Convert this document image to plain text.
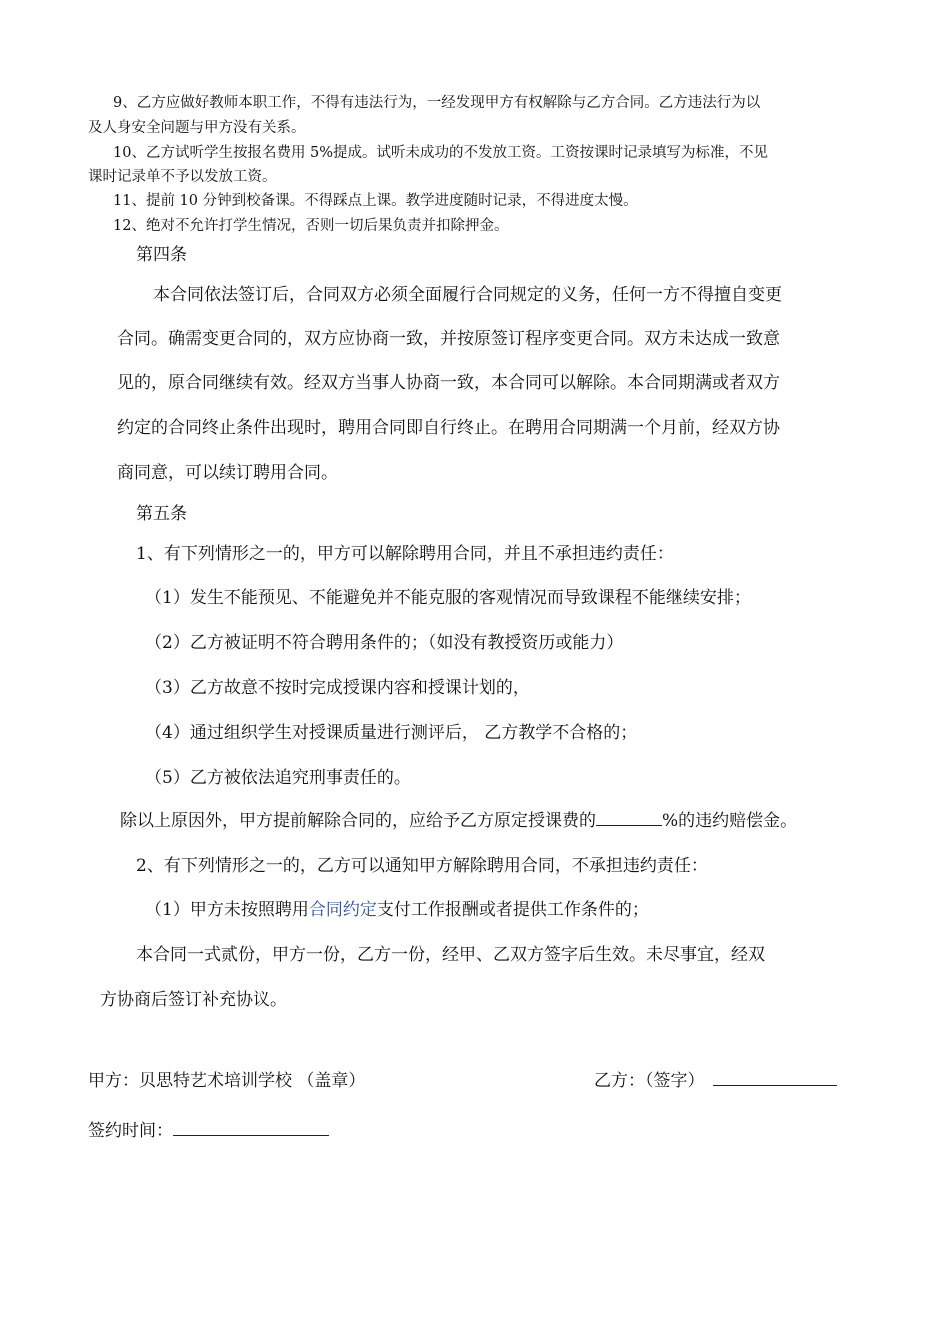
9、乙方应做好教师本职工作，不得有违法行为，一经发现甲方有权解除与乙方合同。乙方违法行为以
及人身安全问题与甲方没有关系。
10、乙方试听学生按报名费用 5%提成。试听未成功的不发放工资。工资按课时记录填写为标准，不见
课时记录单不予以发放工资。
11、提前 10 分钟到校备课。不得踩点上课。教学进度随时记录，不得进度太慢。
12、绝对不允许打学生情况，否则一切后果负责并扣除押金。
第四条
本合同依法签订后，合同双方必须全面履行合同规定的义务，任何一方不得擅自变更
合同。确需变更合同的，双方应协商一致，并按原签订程序变更合同。双方未达成一致意
见的，原合同继续有效。经双方当事人协商一致，本合同可以解除。本合同期满或者双方
约定的合同终止条件出现时，聘用合同即自行终止。在聘用合同期满一个月前，经双方协
商同意，可以续订聘用合同。
第五条
1、有下列情形之一的，甲方可以解除聘用合同，并且不承担违约责任：
（1）发生不能预见、不能避免并不能克服的客观情况而导致课程不能继续安排；
（2）乙方被证明不符合聘用条件的；（如没有教授资历或能力）
（3）乙方故意不按时完成授课内容和授课计划的，
（4）通过组织学生对授课质量进行测评后， 乙方教学不合格的；
（5）乙方被依法追究刑事责任的。
除以上原因外，甲方提前解除合同的，应给予乙方原定授课费的	%的违约赔偿金。
2、有下列情形之一的，乙方可以通知甲方解除聘用合同，不承担违约责任：
（1）甲方未按照聘用合同约定支付工作报酬或者提供工作条件的；
本合同一式贰份，甲方一份，乙方一份，经甲、乙双方签字后生效。未尽事宜，经双
方协商后签订补充协议。
甲方：贝思特艺术培训学校 （盖章）	乙方：（签字）
签约时间：
